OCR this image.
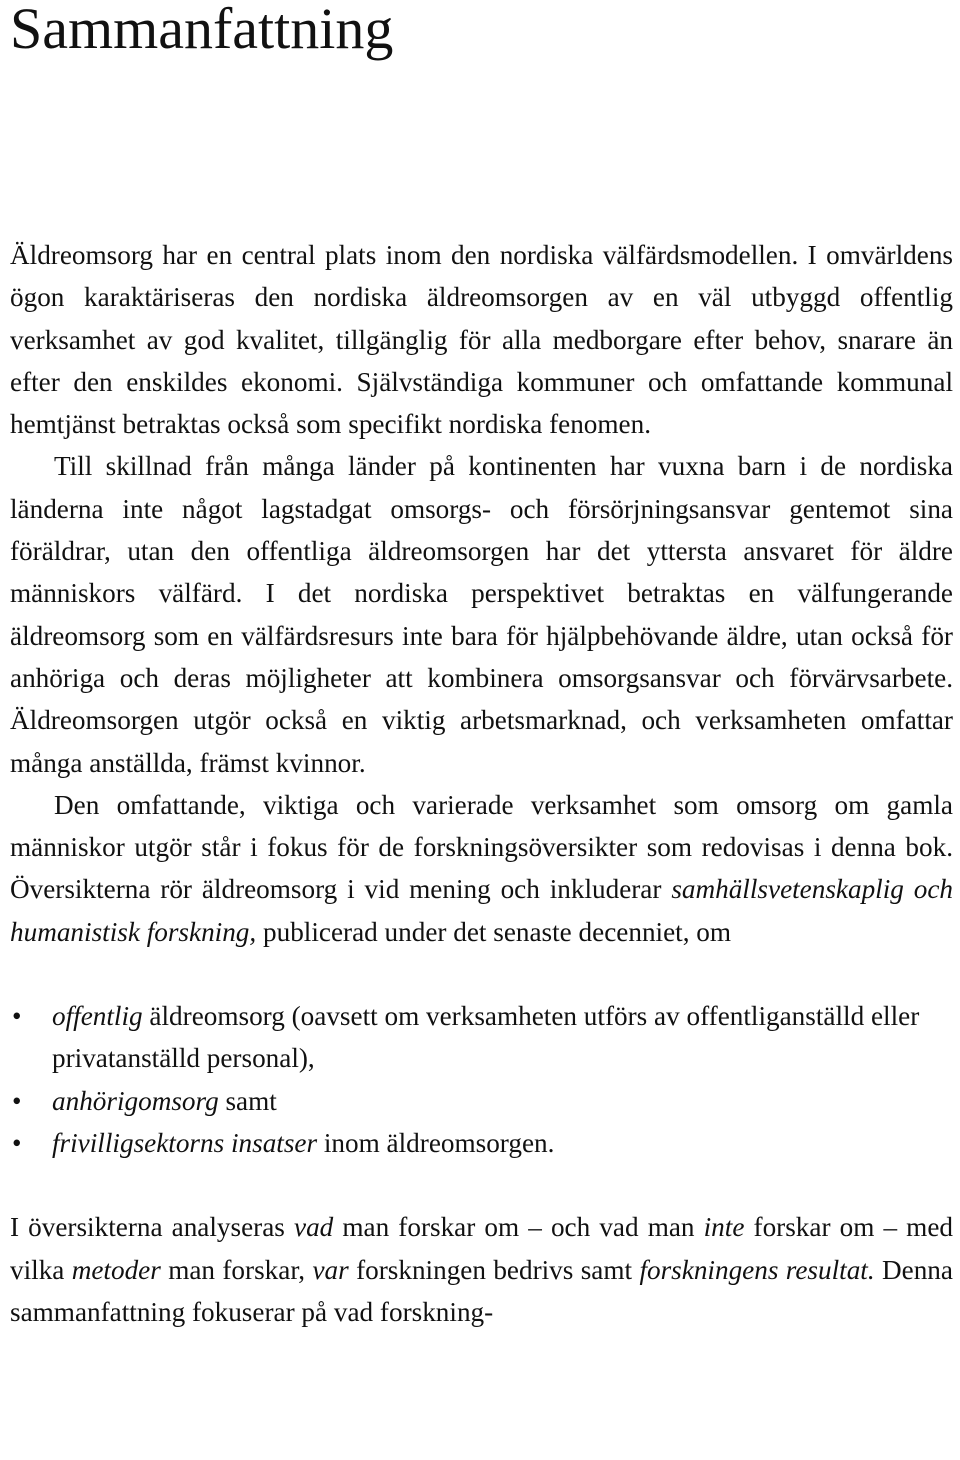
Sammanfattning

Äldreomsorg har en central plats inom den nordiska välfärdsmodellen. I omvärldens ögon karaktäriseras den nordiska äldreomsorgen av en väl utbyggd offentlig verksamhet av god kvalitet, tillgänglig för alla medborgare efter behov, snarare än efter den enskildes ekonomi. Självständiga kommuner och omfattande kommunal hemtjänst betraktas också som specifikt nordiska fenomen.

Till skillnad från många länder på kontinenten har vuxna barn i de nordiska länderna inte något lagstadgat omsorgs- och försörjningsansvar gentemot sina föräldrar, utan den offentliga äldreomsorgen har det yttersta ansvaret för äldre människors välfärd. I det nordiska perspektivet betraktas en välfungerande äldreomsorg som en välfärdsresurs inte bara för hjälpbehövande äldre, utan också för anhöriga och deras möjligheter att kombinera omsorgsansvar och förvärvsarbete. Äldreomsorgen utgör också en viktig arbetsmarknad, och verksamheten omfattar många anställda, främst kvinnor.

Den omfattande, viktiga och varierade verksamhet som omsorg om gamla människor utgör står i fokus för de forskningsöversikter som redovisas i denna bok. Översikterna rör äldreomsorg i vid mening och inkluderar samhällsvetenskaplig och humanistisk forskning, publicerad under det senaste decenniet, om

• offentlig äldreomsorg (oavsett om verksamheten utförs av offentliganställd eller privatanställd personal),
• anhörigomsorg samt
• frivilligsektorns insatser inom äldreomsorgen.

I översikterna analyseras vad man forskar om – och vad man inte forskar om – med vilka metoder man forskar, var forskningen bedrivs samt forskningens resultat. Denna sammanfattning fokuserar på vad forskning-
